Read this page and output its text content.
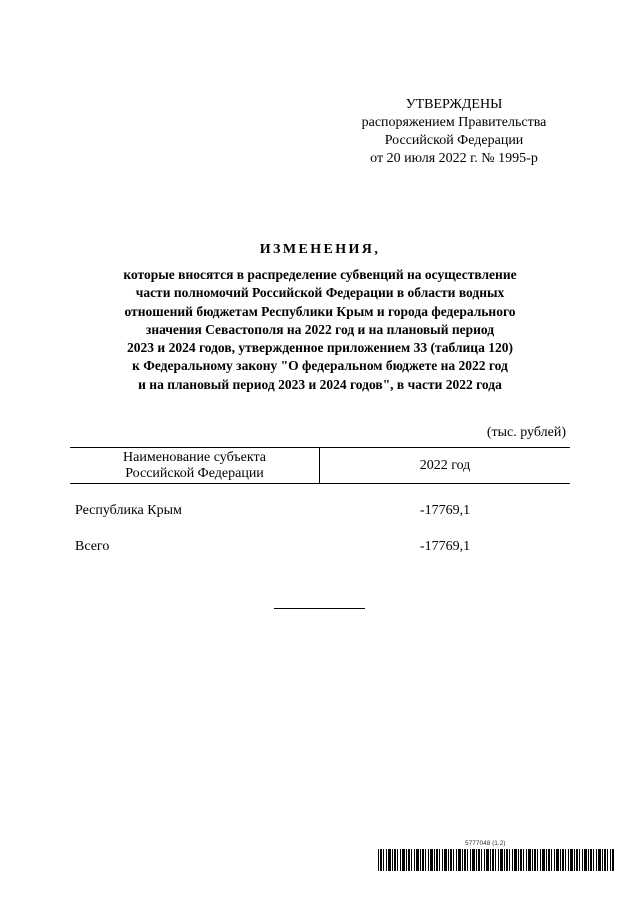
УТВЕРЖДЕНЫ
распоряжением Правительства
Российской Федерации
от 20 июля 2022 г. № 1995-р
ИЗМЕНЕНИЯ,
которые вносятся в распределение субвенций на осуществление
части полномочий Российской Федерации в области водных
отношений бюджетам Республики Крым и города федерального
значения Севастополя на 2022 год и на плановый период
2023 и 2024 годов, утвержденное приложением 33 (таблица 120)
к Федеральному закону "О федеральном бюджете на 2022 год
и на плановый период 2023 и 2024 годов", в части 2022 года
(тыс. рублей)
Наименование субъекта
Российской Федерации
2022 год
Республика Крым	-17769,1
Всего	-17769,1
5777048 (1.2)
